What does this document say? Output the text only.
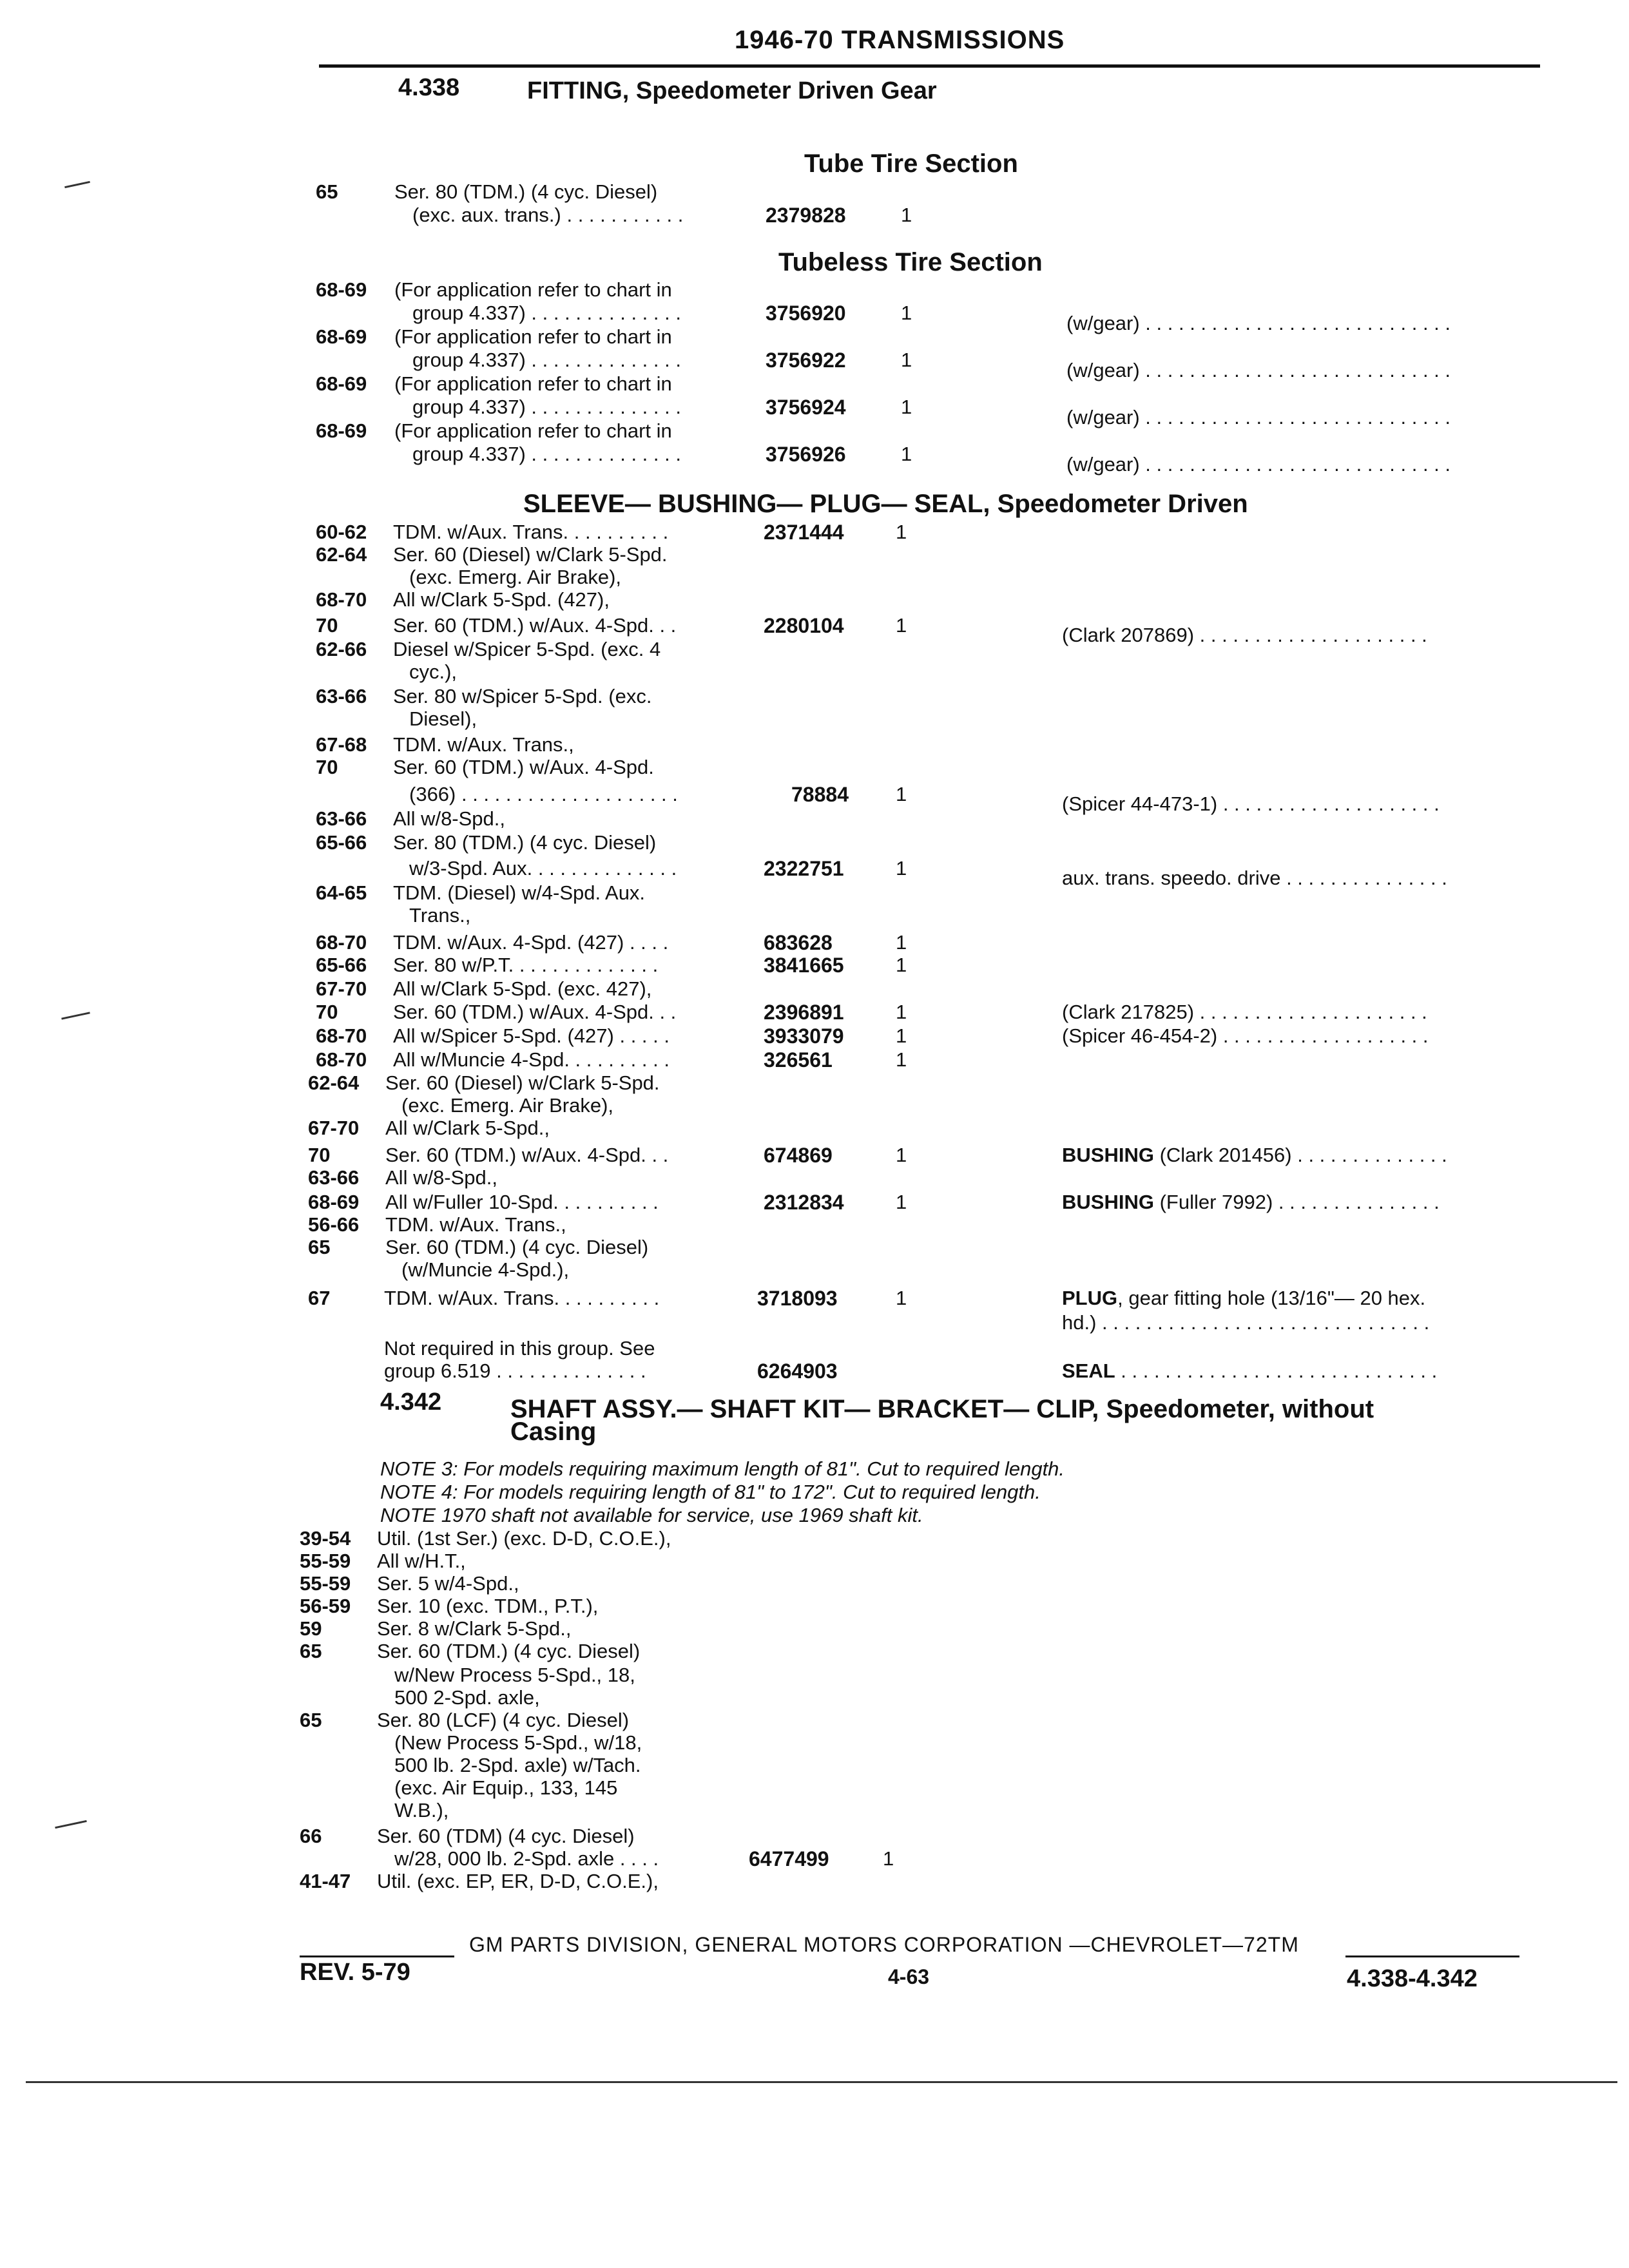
1946-70 TRANSMISSIONS
4.338	FITTING, Speedometer Driven Gear
Tube Tire Section
65	Ser. 80 (TDM.) (4 cyc. Diesel)
(exc. aux. trans.) . . . . . . . . . . .	2379828	1
68-69 (For application refer to chart in
group 4.337) . . . . . . . . . . . . . .	3756920	1	(w/gear) . . . . . . . . . . . . . . . . . . . . . . . . . . . .
68-69 (For application refer to chart in
group 4.337) . . . . . . . . . . . . . .	3756922	1	(w/gear) . . . . . . . . . . . . . . . . . . . . . . . . . . . .
68-69 (For application refer to chart in
group 4.337) . . . . . . . . . . . . . .	3756924	1	(w/gear) . . . . . . . . . . . . . . . . . . . . . . . . . . . .
68-69 (For application refer to chart in
group 4.337) . . . . . . . . . . . . . .	3756926	1	(w/gear) . . . . . . . . . . . . . . . . . . . . . . . . . . . .
Tubeless Tire Section
SLEEVE— BUSHING— PLUG— SEAL, Speedometer Driven
60-62 TDM. w/Aux. Trans. . . . . . . . . .	2371444	1
62-64 Ser. 60 (Diesel) w/Clark 5-Spd.
(exc. Emerg. Air Brake),
68-70 All w/Clark 5-Spd. (427),
70	Ser. 60 (TDM.) w/Aux. 4-Spd. . .	2280104	1	(Clark 207869) . . . . . . . . . . . . . . . . . . . . .
62-66 Diesel w/Spicer 5-Spd. (exc. 4
cyc.),
63-66 Ser. 80 w/Spicer 5-Spd. (exc.
Diesel),
67-68 TDM. w/Aux. Trans.,
70	Ser. 60 (TDM.) w/Aux. 4-Spd.
(366) . . . . . . . . . . . . . . . . . . . .	78884 1	(Spicer 44-473-1) . . . . . . . . . . . . . . . . . . . .
63-66 All w/8-Spd.,
65-66 Ser. 80 (TDM.) (4 cyc. Diesel)
w/3-Spd. Aux. . . . . . . . . . . . . .	2322751	1	aux. trans. speedo. drive . . . . . . . . . . . . . . .
64-65 TDM. (Diesel) w/4-Spd. Aux.
Trans.,
68-70 TDM. w/Aux. 4-Spd. (427) . . . .	683628	1
65-66 Ser. 80 w/P.T. . . . . . . . . . . . . .	3841665	1
67-70 All w/Clark 5-Spd. (exc. 427),
70	Ser. 60 (TDM.) w/Aux. 4-Spd. . .	2396891	1	(Clark 217825) . . . . . . . . . . . . . . . . . . . . .
68-70 All w/Spicer 5-Spd. (427) . . . . .	3933079	1	(Spicer 46-454-2) . . . . . . . . . . . . . . . . . . .
68-70 All w/Muncie 4-Spd. . . . . . . . . .	326561	1
62-64 Ser. 60 (Diesel) w/Clark 5-Spd.
(exc. Emerg. Air Brake),
67-70 All w/Clark 5-Spd.,
70	Ser. 60 (TDM.) w/Aux. 4-Spd. . .	674869	1	BUSHING (Clark 201456) . . . . . . . . . . . . . .
63-66 All w/8-Spd.,
68-69 All w/Fuller 10-Spd. . . . . . . . . .	2312834	1	BUSHING (Fuller 7992) . . . . . . . . . . . . . . .
56-66 TDM. w/Aux. Trans.,
65	Ser. 60 (TDM.) (4 cyc. Diesel)
(w/Muncie 4-Spd.),
67	TDM. w/Aux. Trans. . . . . . . . . .	3718093	1	PLUG, gear fitting hole (13/16"— 20 hex.
hd.) . . . . . . . . . . . . . . . . . . . . . . . . . . . . . .
Not required in this group. See
group 6.519 . . . . . . . . . . . . . .	6264903	SEAL . . . . . . . . . . . . . . . . . . . . . . . . . . . . .
4.342	SHAFT ASSY.— SHAFT KIT— BRACKET— CLIP, Speedometer, without
Casing
NOTE 3: For models requiring maximum length of 81". Cut to required length.
NOTE 4: For models requiring length of 81" to 172". Cut to required length.
NOTE 1970 shaft not available for service, use 1969 shaft kit.
39-54 Util. (1st Ser.) (exc. D-D, C.O.E.),
55-59 All w/H.T.,
55-59 Ser. 5 w/4-Spd.,
56-59 Ser. 10 (exc. TDM., P.T.),
59	Ser. 8 w/Clark 5-Spd.,
65	Ser. 60 (TDM.) (4 cyc. Diesel)
w/New Process 5-Spd., 18,
500 2-Spd. axle,
65	Ser. 80 (LCF) (4 cyc. Diesel)
(New Process 5-Spd., w/18,
500 lb. 2-Spd. axle) w/Tach.
(exc. Air Equip., 133, 145
W.B.),
66	Ser. 60 (TDM) (4 cyc. Diesel)
w/28, 000 lb. 2-Spd. axle . . . .	6477499	1
41-47 Util. (exc. EP, ER, D-D, C.O.E.),
GM PARTS DIVISION, GENERAL MOTORS CORPORATION —CHEVROLET—72TM
REV. 5-79	4-63	4.338-4.342
